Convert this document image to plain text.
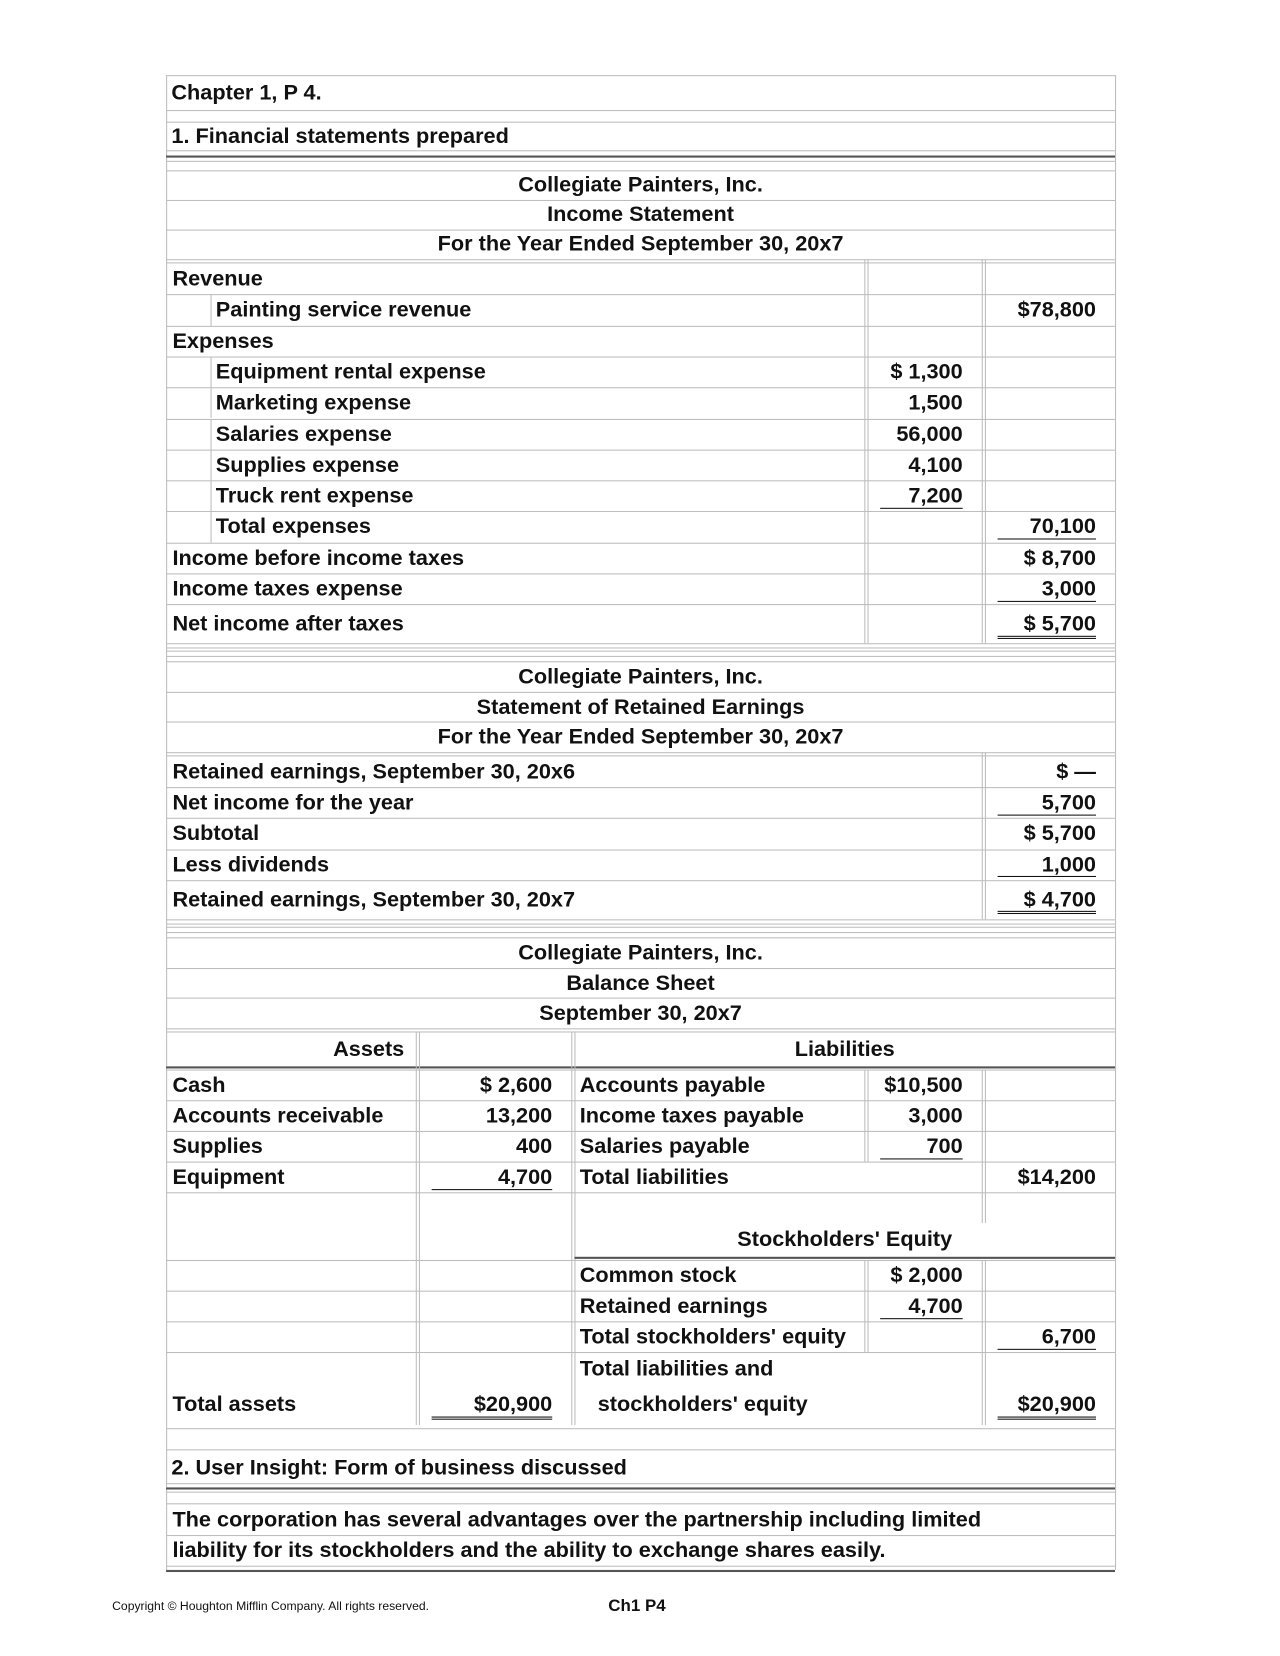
Chapter 1, P 4.
1. Financial statements prepared
Collegiate Painters, Inc.
Income Statement
For the Year Ended September 30, 20x7
Revenue
Painting service revenue	$78,800
Expenses
Equipment rental expense	$ 1,300
Marketing expense	1,500
Salaries expense	56,000
Supplies expense	4,100
Truck rent expense	7,200
Total expenses	70,100
Income before income taxes	$ 8,700
Income taxes expense	3,000
Net income after taxes	$ 5,700
Collegiate Painters, Inc.
Statement of Retained Earnings
For the Year Ended September 30, 20x7
Retained earnings, September 30, 20x6	$ —
Net income for the year	5,700
Subtotal	$ 5,700
Less dividends	1,000
Retained earnings, September 30, 20x7	$ 4,700
Collegiate Painters, Inc.
Balance Sheet
September 30, 20x7
Assets	Liabilities
Cash	$ 2,600	Accounts payable	$10,500
Accounts receivable	13,200	Income taxes payable	3,000
Supplies	400	Salaries payable	700
Equipment	4,700	Total liabilities	$14,200
Stockholders' Equity
Common stock	$ 2,000
Retained earnings	4,700
Total stockholders' equity	6,700
Total liabilities and
stockholders' equity	$20,900
Total assets	$20,900
2. User Insight: Form of business discussed
The corporation has several advantages over the partnership including limited
liability for its stockholders and the ability to exchange shares easily.
Copyright © Houghton Mifflin Company. All rights reserved.	Ch1 P4
